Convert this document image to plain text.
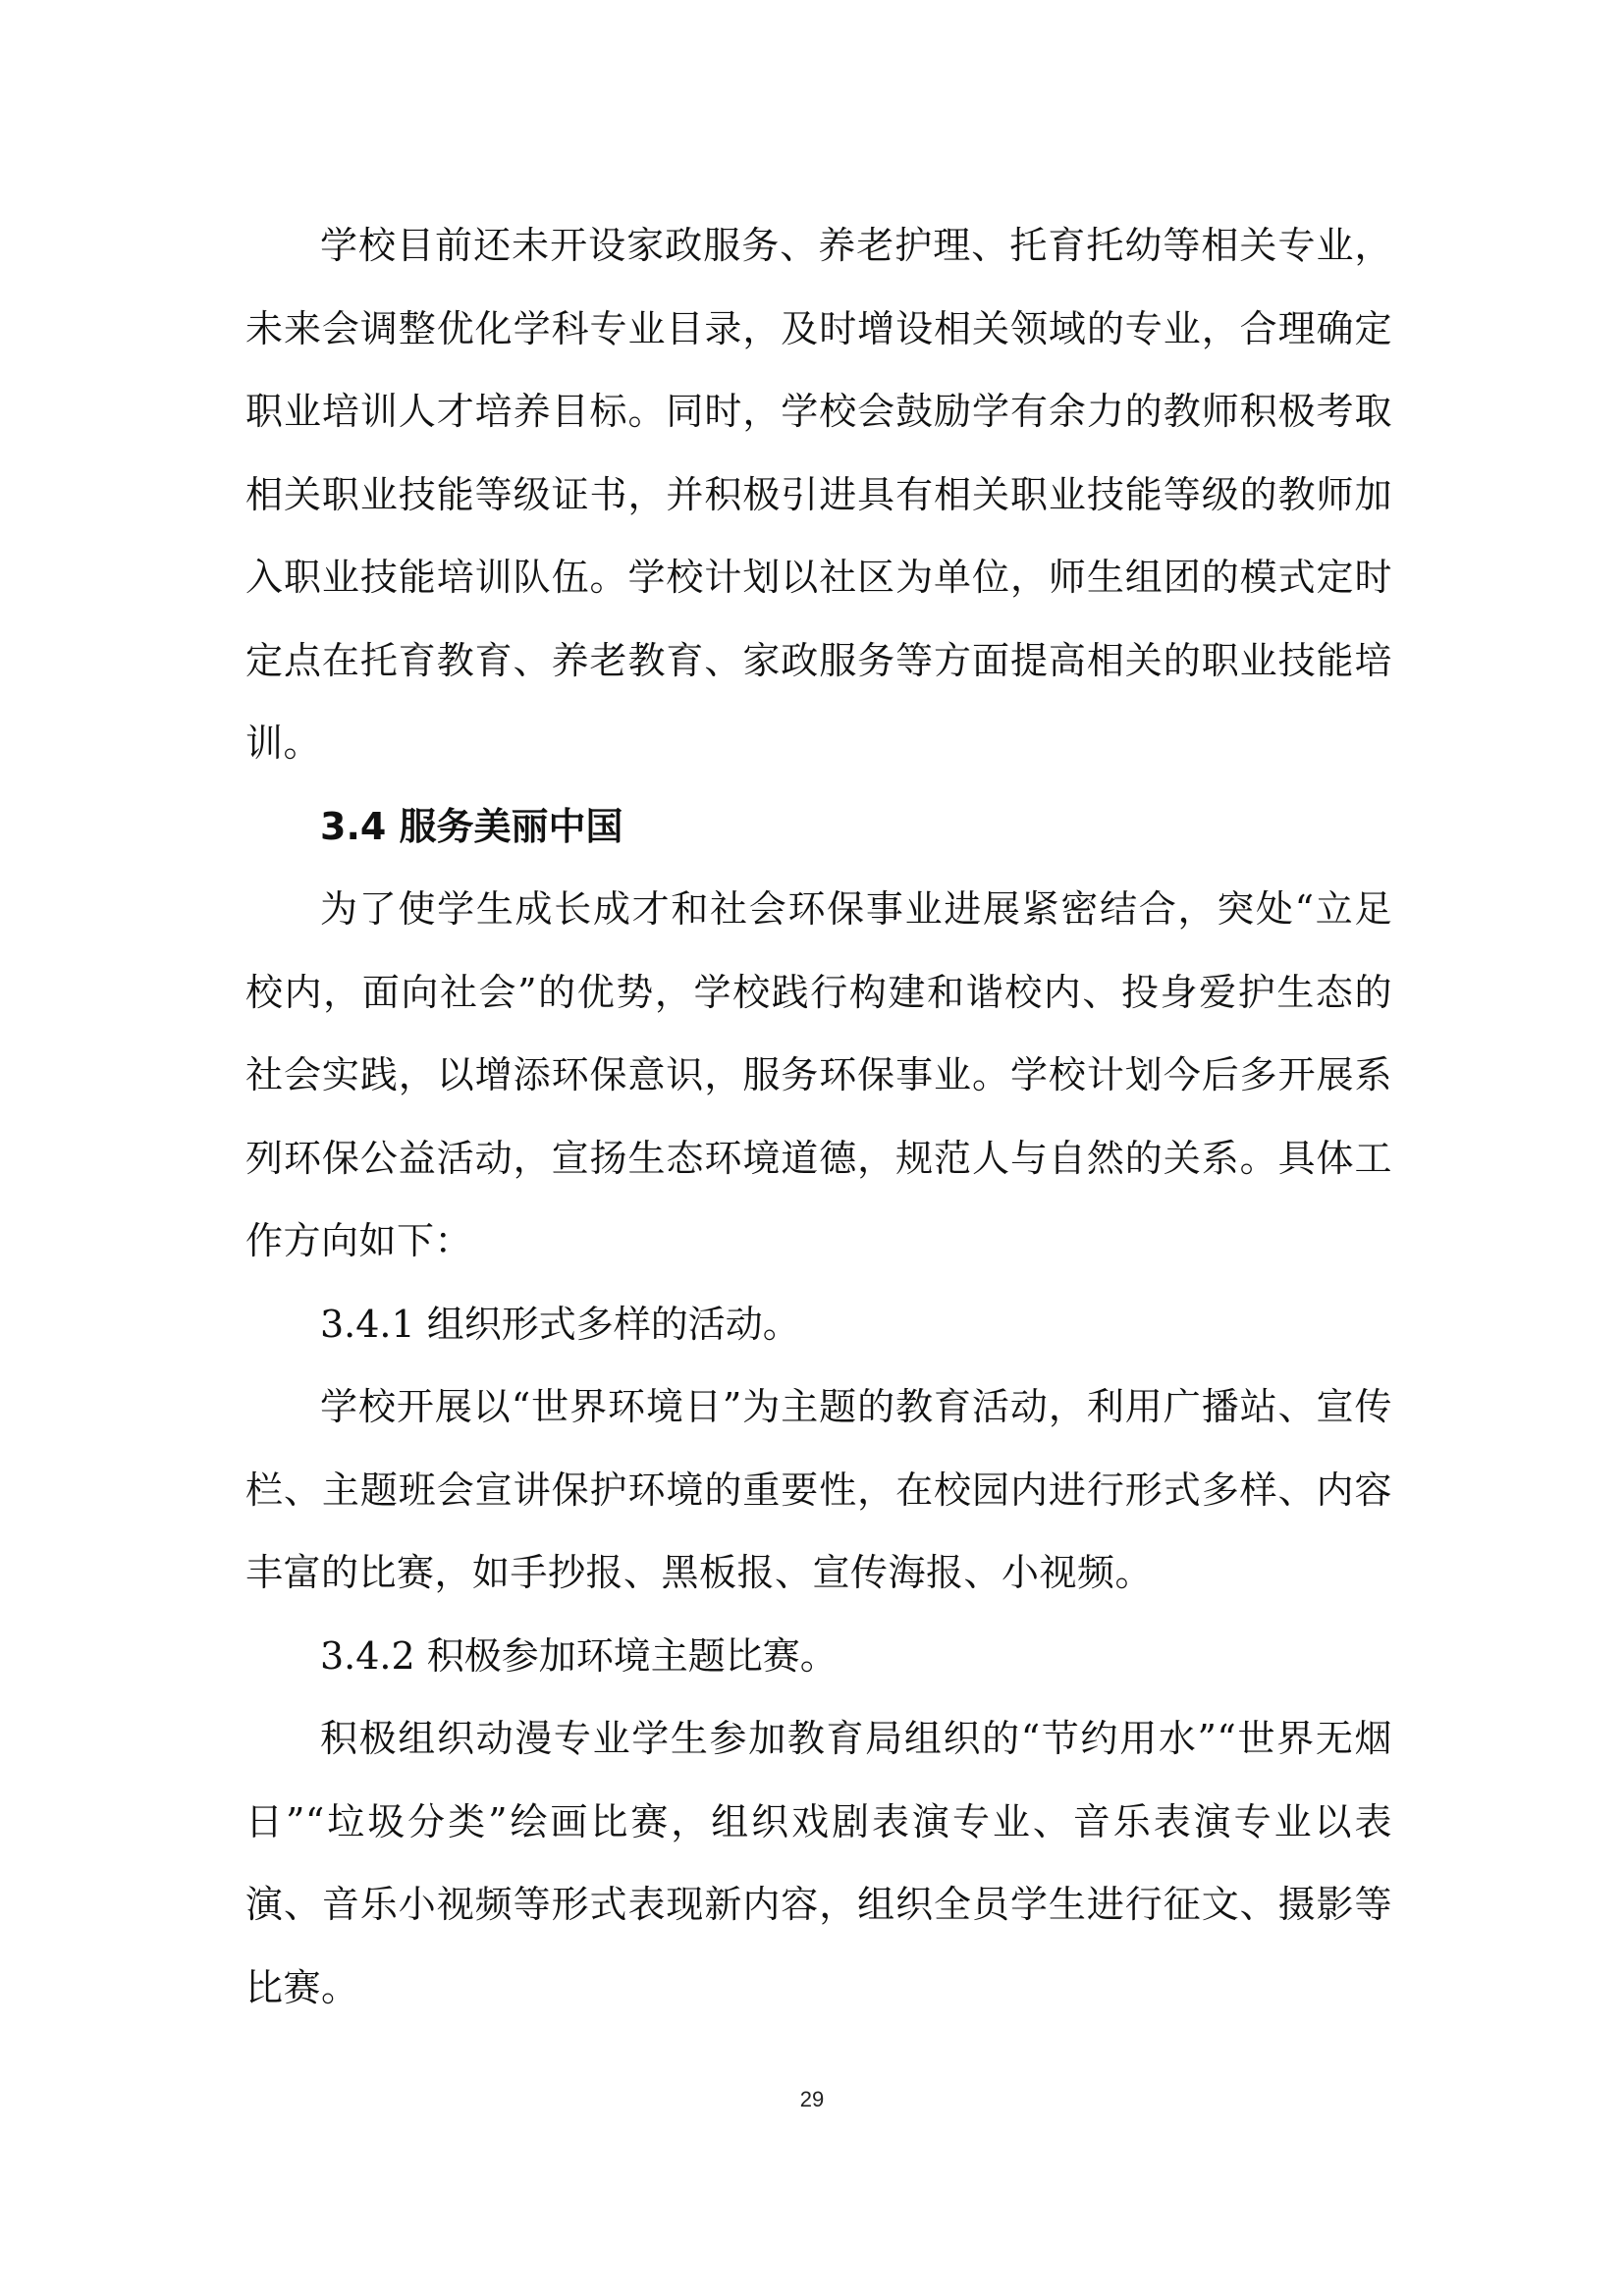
学校目前还未开设家政服务、养老护理、托育托幼等相关专业，未来会调整优化学科专业目录，及时增设相关领域的专业，合理确定职业培训人才培养目标。同时，学校会鼓励学有余力的教师积极考取相关职业技能等级证书，并积极引进具有相关职业技能等级的教师加入职业技能培训队伍。学校计划以社区为单位，师生组团的模式定时定点在托育教育、养老教育、家政服务等方面提高相关的职业技能培训。

3.4 服务美丽中国

为了使学生成长成才和社会环保事业进展紧密结合，突处“立足校内，面向社会”的优势，学校践行构建和谐校内、投身爱护生态的社会实践，以增添环保意识，服务环保事业。学校计划今后多开展系列环保公益活动，宣扬生态环境道德，规范人与自然的关系。具体工作方向如下：

3.4.1 组织形式多样的活动。

学校开展以“世界环境日”为主题的教育活动，利用广播站、宣传栏、主题班会宣讲保护环境的重要性，在校园内进行形式多样、内容丰富的比赛，如手抄报、黑板报、宣传海报、小视频。

3.4.2 积极参加环境主题比赛。

积极组织动漫专业学生参加教育局组织的“节约用水”“世界无烟日”“垃圾分类”绘画比赛，组织戏剧表演专业、音乐表演专业以表演、音乐小视频等形式表现新内容，组织全员学生进行征文、摄影等比赛。

29
